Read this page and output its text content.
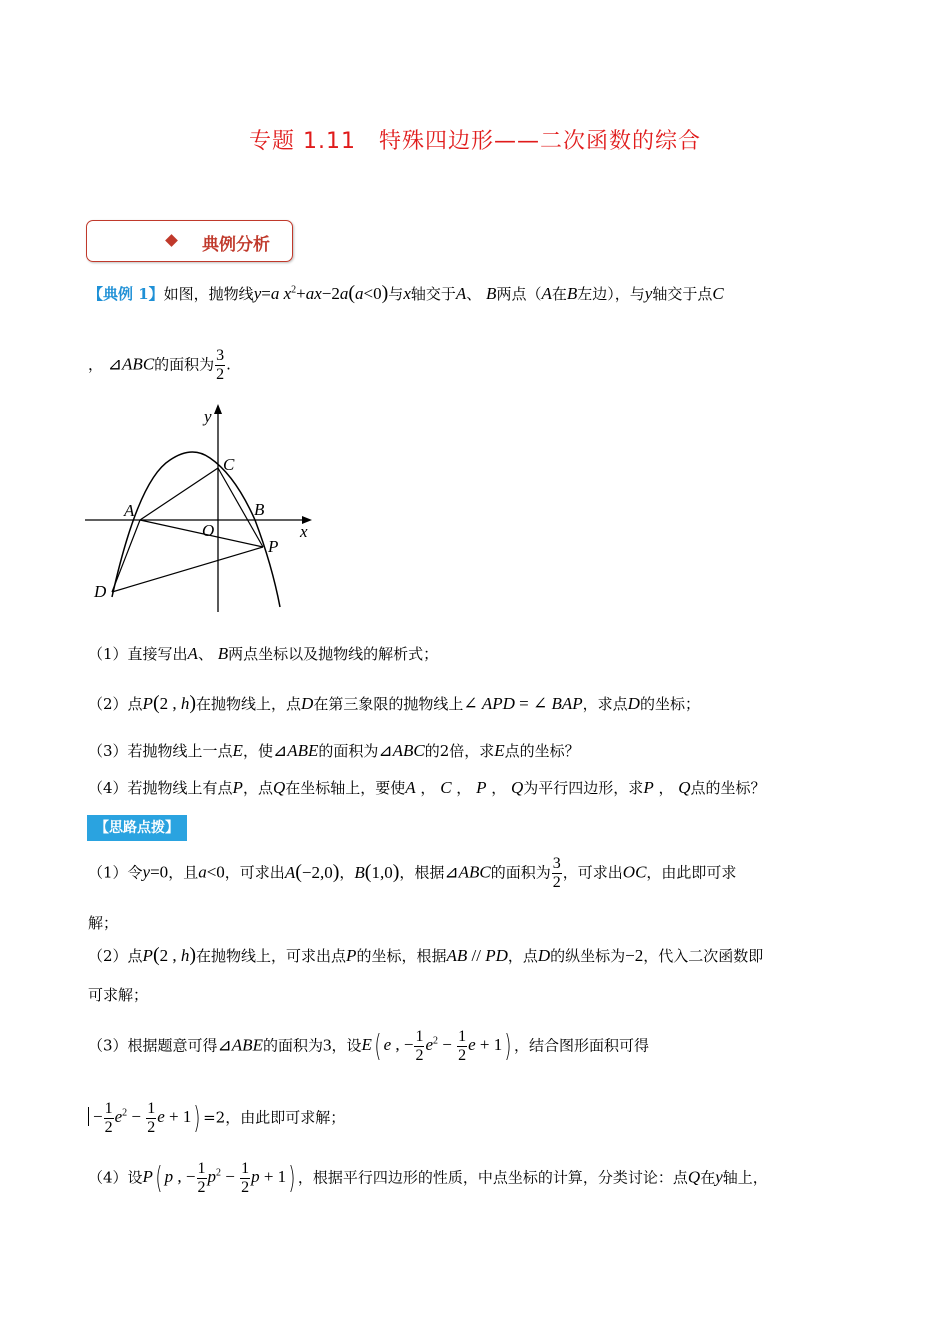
专题 1.11　特殊四边形——二次函数的综合
典例分析
【典例 1】如图，抛物线y=a $x^2+ax-2a(a<0)$与x轴交于A、 B两点（A在B左边），与y轴交于点C
， ⊿ABC的面积为 $\frac{3}{2}$ .
y
C
A	B
O	x
P
D
（1）直接写出A、 B两点坐标以及抛物线的解析式；
（2）点P(2 , h)在抛物线上，点D在第三象限的抛物线上∠ APD = ∠ BAP，求点D的坐标；
（3）若抛物线上一点E，使⊿ABE的面积为⊿ABC的2倍，求E点的坐标？
（4）若抛物线上有点P，点Q在坐标轴上，要使A ， C ， P ， Q为平行四边形，求P ， Q点的坐标？
【思路点拨】
（1）令y=0，且a<0，可求出A(−2,0)，B(1,0)，根据⊿ABC的面积为 $\frac{3}{2}$ ，可求出OC，由此即可求
解；
（2）点P(2 , h)在抛物线上，可求出点P的坐标，根据AB // PD，点D的纵坐标为−2，代入二次函数即
可求解；
（3）根据题意可得⊿ABE的面积为3，设E( e , − $\frac{1}{2} e^2 - \frac{1}{2}$ e + 1) ，结合图形面积可得
− $\frac{1}{2} e^2 - \frac{1}{2}$ e + 1) =2，由此即可求解；
（4）设P( p , − $\frac{1}{2} p^2 - \frac{1}{2}$ p + 1) ，根据平行四边形的性质，中点坐标的计算，分类讨论：点Q在y轴上，
